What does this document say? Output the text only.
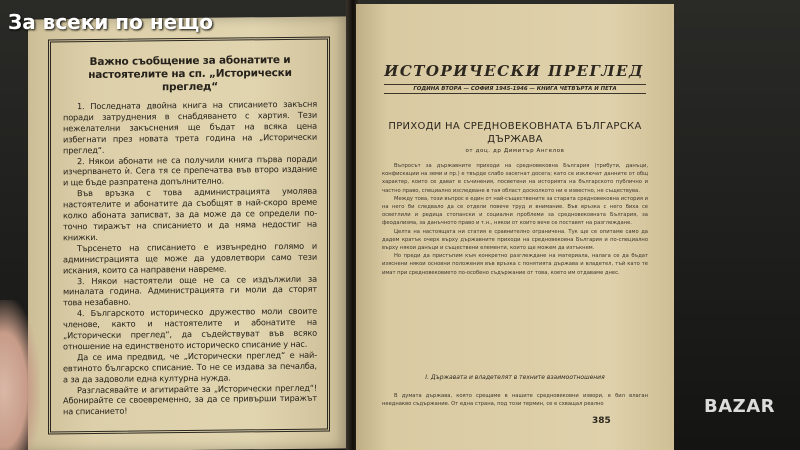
Важно съобщение за абонатите и настоятелите на сп. „Исторически преглед“

1. Последната двойна книга на списанието закъсня поради затруднения в снабдяването с хартия. Тези нежелателни закъснения ще бъдат на всяка цена избегнати през новата трета година на „Исторически преглед“.

2. Някои абонати не са получили книга първа поради изчерпването ѝ. Сега тя се препечатва във второ издание и ще бъде разпратена допълнително.

Във връзка с това администрацията умолява настоятелите и абонатите да съобщят в най-скоро време колко абоната записват, за да може да се определи по-точно тиражът на списанието и да няма недостиг на книжки.

Търсенето на списанието е извънредно голямо и администрацията ще може да удовлетвори само тези искания, които са направени навреме.

3. Някои настоятели още не са се издължили за миналата година. Администрацията ги моли да сторят това незабавно.

4. Българското историческо дружество моли своите членове, както и настоятелите и абонатите на „Исторически преглед“, да съдействуват във всяко отношение на единственото историческо списание у нас.

Да се има предвид, че „Исторически преглед“ е най-евтиното българско списание. То не се издава за печалба, а за да задоволи една културна нужда.

Разгласявайте и агитирайте за „Исторически преглед“! Абонирайте се своевременно, за да се привърши тиражът на списанието!

ИСТОРИЧЕСКИ ПРЕГЛЕД
ГОДИНА ВТОРА — СОФИЯ 1945-1946 — КНИГА ЧЕТВЪРТА И ПЕТА
ПРИХОДИ НА СРЕДНОВЕКОВНАТА БЪЛГАРСКА ДЪРЖАВА
от доц. др Димитър Ангелов

Въпросът за държавните приходи на средновековна България (трибути, данъци, конфискации на земи и пр.) е твърде слабо засегнат досега; като се изключат данните от общ характер, които се дават в съчинения, посветени на историята на българското публично и частно право, специално изследване в тая област досколкото ни е известно, не съществува.

Между това, този въпрос е един от най-съществените за старата средновековна история и на него би следвало да се отдели повече труд и внимание. Във връзка с него биха се осветлили и редица стопански и социални проблеми за средновековната България, за феодализма, за данъчното право и т.н., някои от които вече се поставят на разглеждане.

Целта на настоящата ни статия е сравнително ограничена. Тук ще се опитаме само да дадем кратък очерк върху държавните приходи на средновековна България и по-специално върху някои данъци и съществени елементи, които ще можем да изтъкнем.

Но преди да пристъпим към конкретно разглеждане на материала, налага се да бъдат изяснени някои основни положения във връзка с понятията държава и владетел, тъй като те имат при средновековието по-особено съдържание от това, което им отдаваме днес.

I. Държавата и владетелят в техните взаимоотношения

В думата държава, която срещаме в нашите средновековни извори, е бил влаган нееднакво съдържание. От една страна, под този термин, се е схващал реално

385
За всеки по нещо
BAZAR
